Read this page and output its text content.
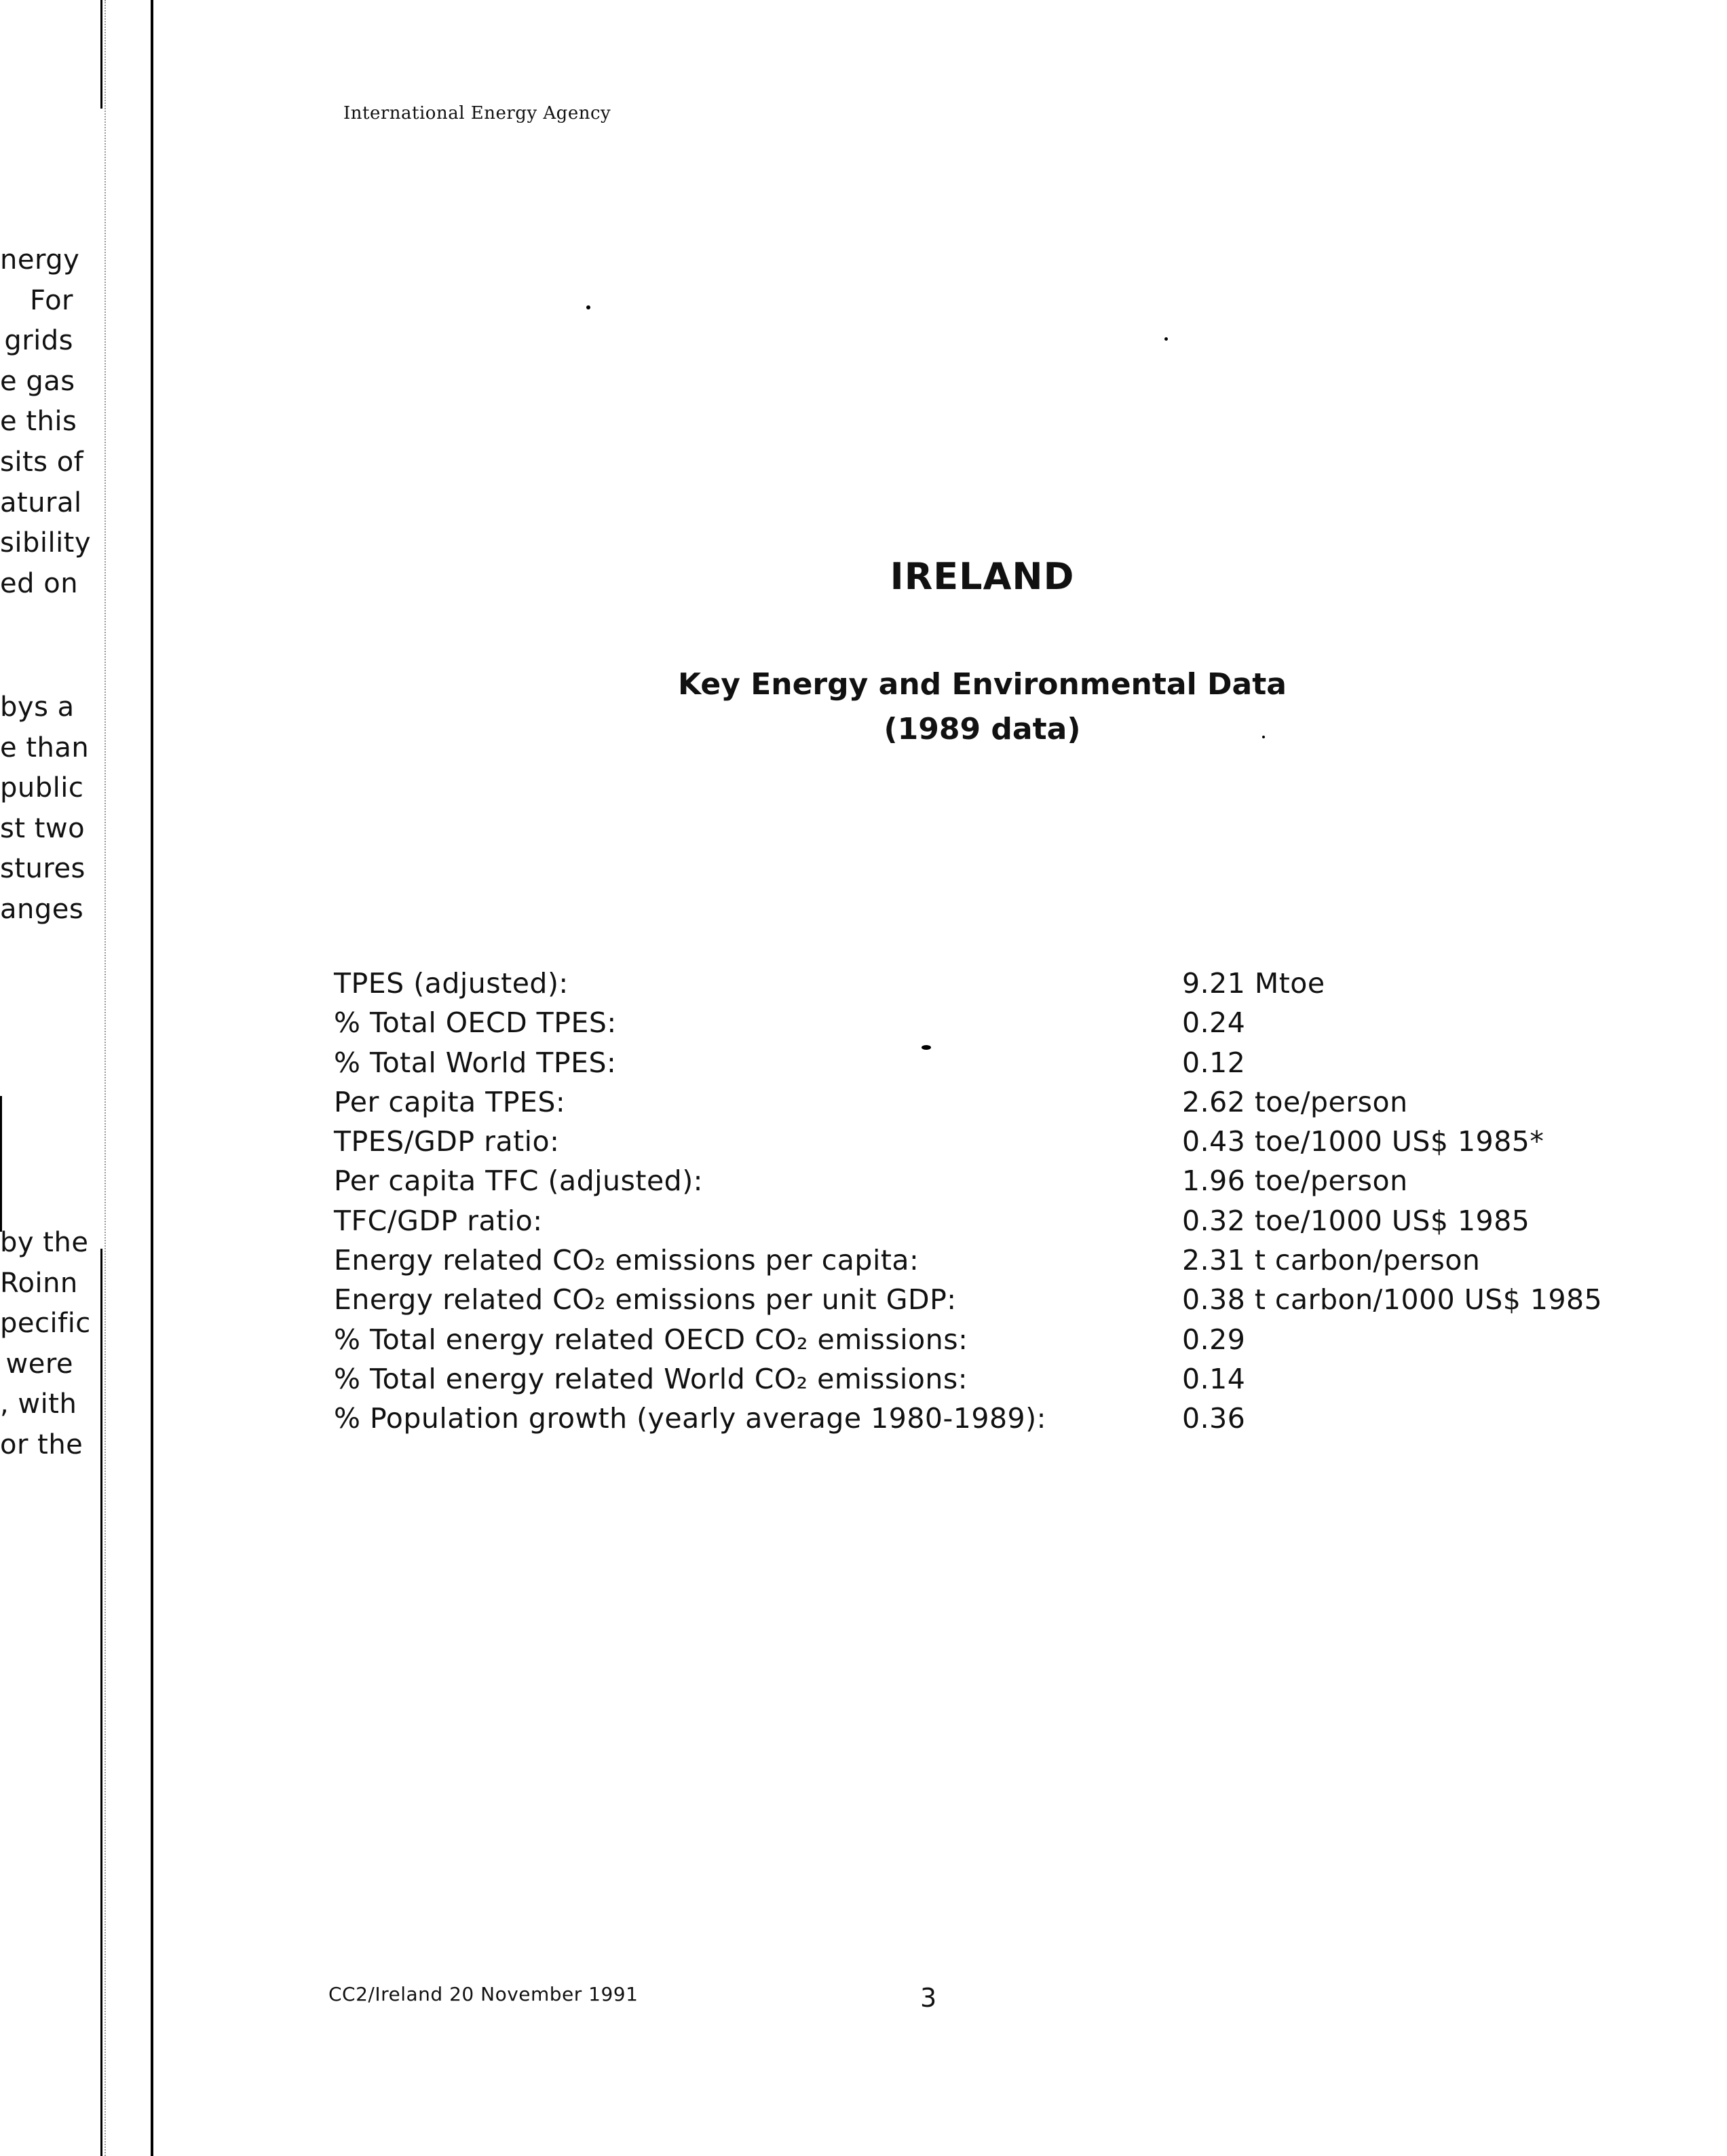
nergy
For
grids
e gas
e this
sits of
atural
sibility
ed on
bys a
e than
public
st two
stures
anges
by the
Roinn
pecific
were
, with
or the
International Energy Agency
IRELAND
Key Energy and Environmental Data
(1989 data)
TPES (adjusted):	9.21 Mtoe
% Total OECD TPES:	0.24
% Total World TPES:	0.12
Per capita TPES:	2.62 toe/person
TPES/GDP ratio:	0.43 toe/1000 US$ 1985*
Per capita TFC (adjusted):	1.96 toe/person
TFC/GDP ratio:	0.32 toe/1000 US$ 1985
Energy related CO₂ emissions per capita:	2.31 t carbon/person
Energy related CO₂ emissions per unit GDP:	0.38 t carbon/1000 US$ 1985
% Total energy related OECD CO₂ emissions:	0.29
% Total energy related World CO₂ emissions:	0.14
% Population growth (yearly average 1980-1989):	0.36
CC2/Ireland 20 November 1991	3
